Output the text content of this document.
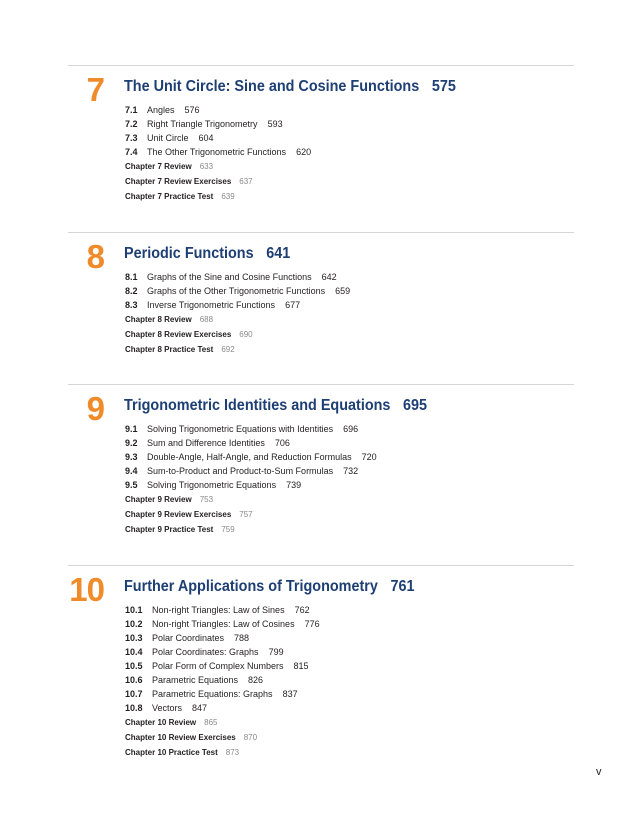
7 The Unit Circle: Sine and Cosine Functions 575
7.1 Angles 576
7.2 Right Triangle Trigonometry 593
7.3 Unit Circle 604
7.4 The Other Trigonometric Functions 620
Chapter 7 Review 633
Chapter 7 Review Exercises 637
Chapter 7 Practice Test 639
8 Periodic Functions 641
8.1 Graphs of the Sine and Cosine Functions 642
8.2 Graphs of the Other Trigonometric Functions 659
8.3 Inverse Trigonometric Functions 677
Chapter 8 Review 688
Chapter 8 Review Exercises 690
Chapter 8 Practice Test 692
9 Trigonometric Identities and Equations 695
9.1 Solving Trigonometric Equations with Identities 696
9.2 Sum and Difference Identities 706
9.3 Double-Angle, Half-Angle, and Reduction Formulas 720
9.4 Sum-to-Product and Product-to-Sum Formulas 732
9.5 Solving Trigonometric Equations 739
Chapter 9 Review 753
Chapter 9 Review Exercises 757
Chapter 9 Practice Test 759
10 Further Applications of Trigonometry 761
10.1 Non-right Triangles: Law of Sines 762
10.2 Non-right Triangles: Law of Cosines 776
10.3 Polar Coordinates 788
10.4 Polar Coordinates: Graphs 799
10.5 Polar Form of Complex Numbers 815
10.6 Parametric Equations 826
10.7 Parametric Equations: Graphs 837
10.8 Vectors 847
Chapter 10 Review 865
Chapter 10 Review Exercises 870
Chapter 10 Practice Test 873
v
